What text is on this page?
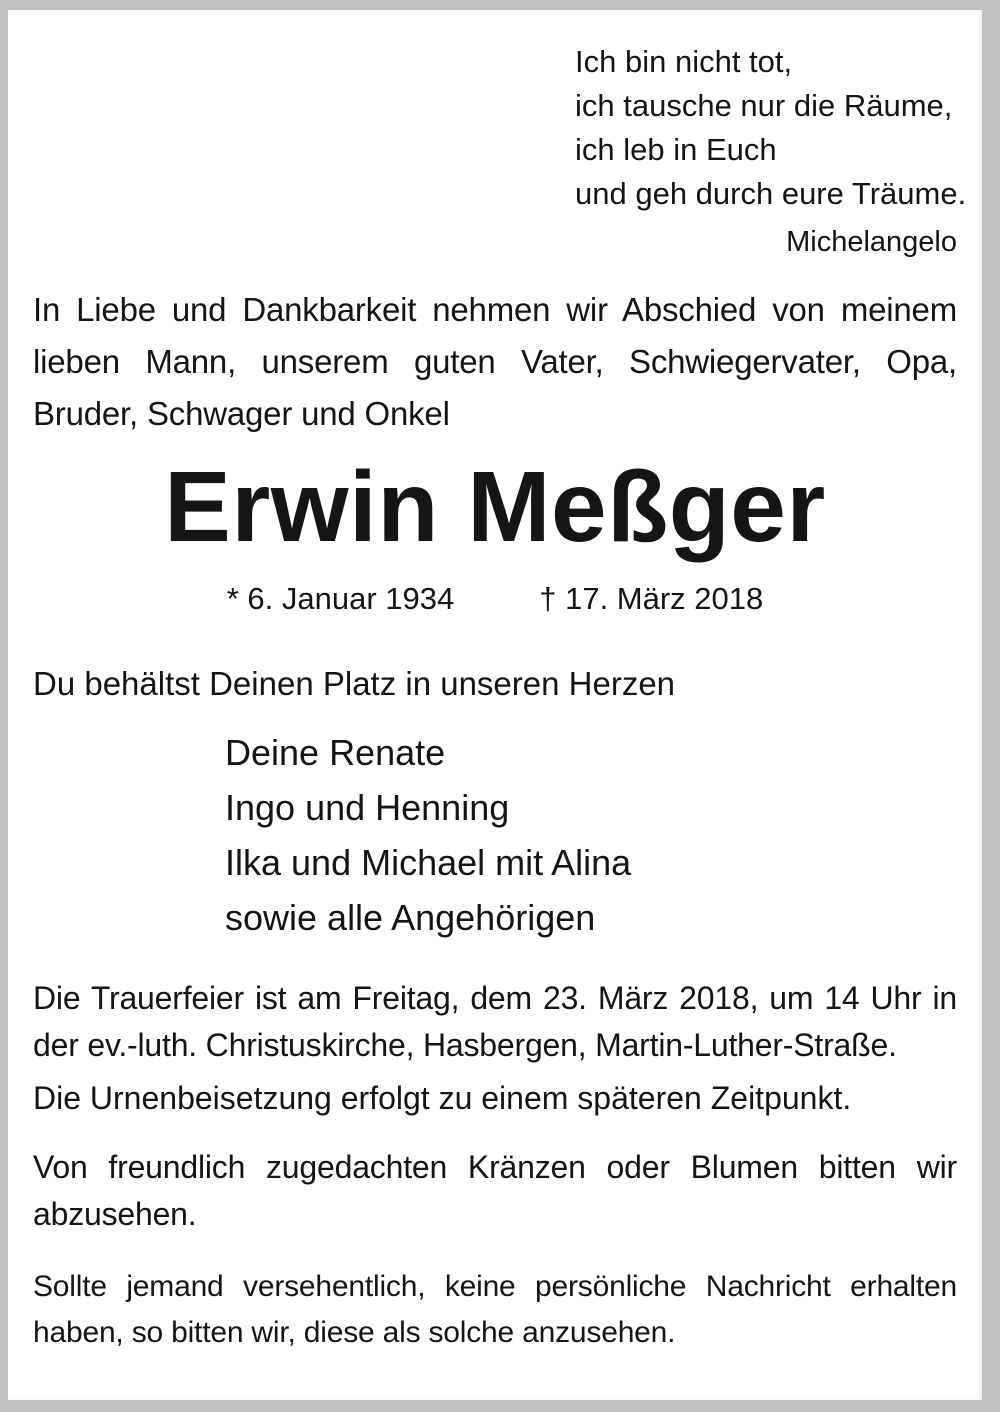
Ich bin nicht tot,
ich tausche nur die Räume,
ich leb in Euch
und geh durch eure Träume.
Michelangelo
In Liebe und Dankbarkeit nehmen wir Abschied von meinem lieben Mann, unserem guten Vater, Schwiegervater, Opa, Bruder, Schwager und Onkel
Erwin Meßger
* 6. Januar 1934	† 17. März 2018
Du behältst Deinen Platz in unseren Herzen
Deine Renate
Ingo und Henning
Ilka und Michael mit Alina
sowie alle Angehörigen
Die Trauerfeier ist am Freitag, dem 23. März 2018, um 14 Uhr in der ev.-luth. Christuskirche, Hasbergen, Martin-Luther-Straße.
Die Urnenbeisetzung erfolgt zu einem späteren Zeitpunkt.
Von freundlich zugedachten Kränzen oder Blumen bitten wir abzusehen.
Sollte jemand versehentlich, keine persönliche Nachricht erhalten haben, so bitten wir, diese als solche anzusehen.
